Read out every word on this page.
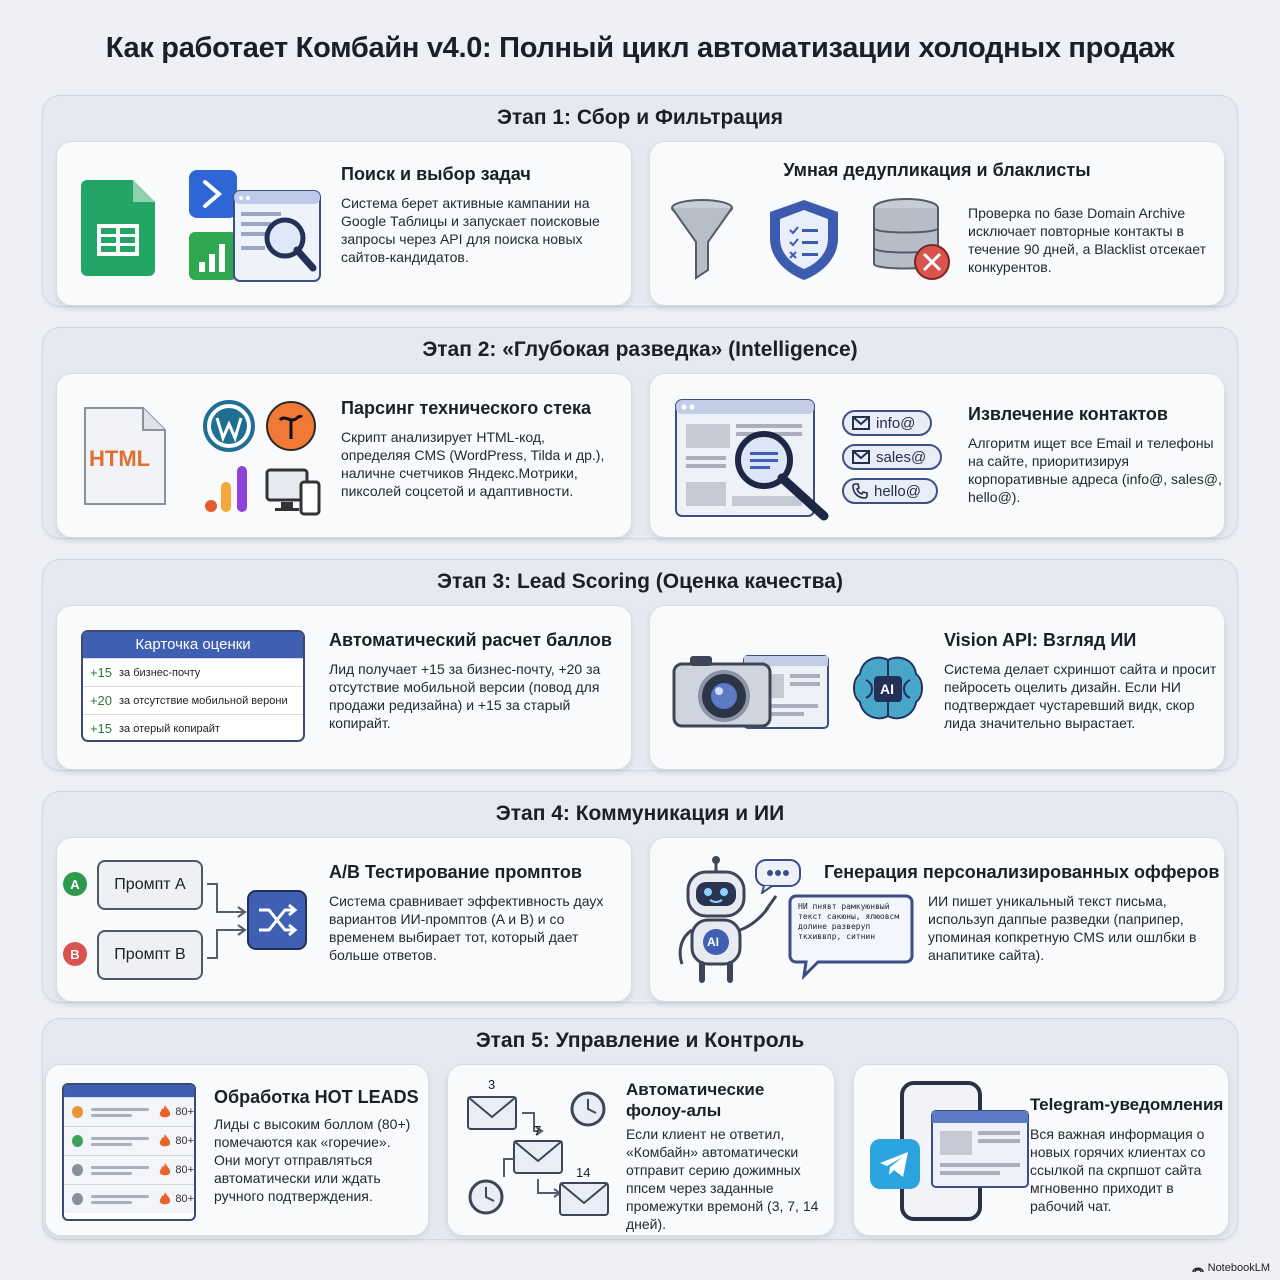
Как работает Комбайн v4.0: Полный цикл автоматизации холодных продаж
Этап 1: Сбор и Фильтрация
Поиск и выбор задач
Система берет активные кампании на Google Таблицы и запускает поисковые запросы через API для поиска новых сайтов-кандидатов.
Умная дедупликация и блаклисты
Проверка по базе Domain Archive исключает повторные контакты в течение 90 дней, а Blacklist отсекает конкурентов.
Этап 2: «Глубокая разведка» (Intelligence)
HTML
Парсинг технического стека
Скрипт анализирует HTML-код, определяя CMS (WordPress, Tilda и др.), наличне счетчиков Яндекс.Мотрики, пиксолей соцсетой и адаптивности.
info@
sales@
hello@
Извлечение контактов
Алгоритм ищет все Email и телефоны на сайте, приоритизируя корпоративные адреса (info@, sales@, hello@).
Этап 3: Lead Scoring (Оценка качества)
Карточка оценки
+15 за бизнес-почту
+20 за отсутствие мобильной верони
+15 за отерый копирайт
Автоматический расчет баллов
Лид получает +15 за бизнес-почту, +20 за отсутствие мобильной версии (повод для продажи редизайна) и +15 за старый копирайт.
AI
Vision API: Взгляд ИИ
Система делает схриншот сайта и просит пейросеть оцелить дизайн. Если НИ подтверждает чустаревший видк, скор лида значительно вырастает.
Этап 4: Коммуникация и ИИ
A
B
Промпт А
Промпт В
A/B Тестирование промптов
Система сравнивает эффективность даух вариантов ИИ-промптов (A и B) и со временем выбирает тот, который дает больше ответов.
AI
НИ пнявт рамкуюнвый
текст сакюны, ялюовсм
долине разверуп
ткхиввпр, ситнин
Генерация персонализированных офферов
ИИ пишет уникальный текст письма, используп даппые разведки (паприпер, упоминая копкретную CMS или ошлбки в анапитике сайта).
Этап 5: Управление и Контроль
80+
80+
80+
80+
Обработка HOT LEADS
Лиды с высоким боллом (80+) помечаются как «горечие». Они могут отправляться автоматически или ждать ручного подтверждения.
3
7
14
Автоматические фолоу-алы
Если клиент не ответил, «Комбайн» автоматически отправит серию дожимных ппсем через заданные промежутки времонй (3, 7, 14 дней).
Telegram-уведомления
Вся важная информация о новых горячих клиентах со ссылкой па скрпшот сайта мгновенно приходит в рабочий чат.
NotebookLM
